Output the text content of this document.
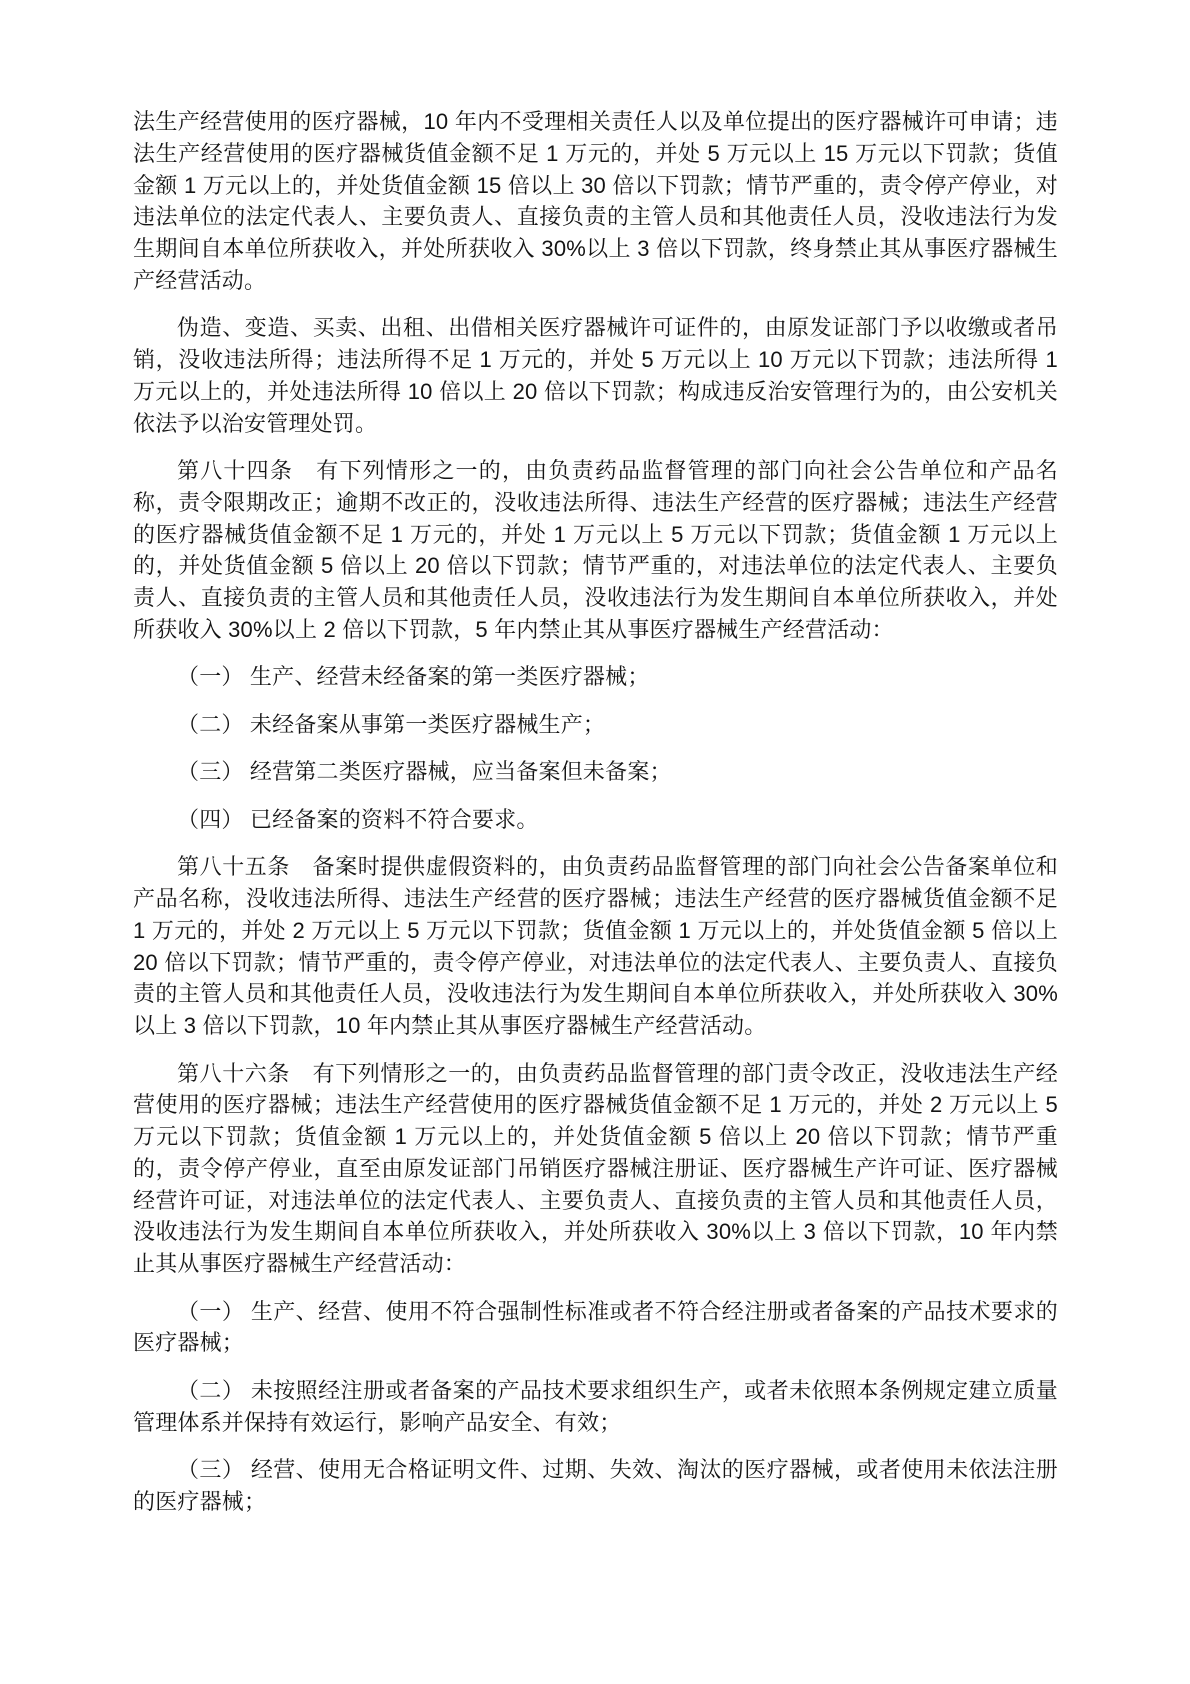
法生产经营使用的医疗器械，10 年内不受理相关责任人以及单位提出的医疗器械许可申请；违法生产经营使用的医疗器械货值金额不足 1 万元的，并处 5 万元以上 15 万元以下罚款；货值金额 1 万元以上的，并处货值金额 15 倍以上 30 倍以下罚款；情节严重的，责令停产停业，对违法单位的法定代表人、主要负责人、直接负责的主管人员和其他责任人员，没收违法行为发生期间自本单位所获收入，并处所获收入 30%以上 3 倍以下罚款，终身禁止其从事医疗器械生产经营活动。

伪造、变造、买卖、出租、出借相关医疗器械许可证件的，由原发证部门予以收缴或者吊销，没收违法所得；违法所得不足 1 万元的，并处 5 万元以上 10 万元以下罚款；违法所得 1 万元以上的，并处违法所得 10 倍以上 20 倍以下罚款；构成违反治安管理行为的，由公安机关依法予以治安管理处罚。

第八十四条　有下列情形之一的，由负责药品监督管理的部门向社会公告单位和产品名称，责令限期改正；逾期不改正的，没收违法所得、违法生产经营的医疗器械；违法生产经营的医疗器械货值金额不足 1 万元的，并处 1 万元以上 5 万元以下罚款；货值金额 1 万元以上的，并处货值金额 5 倍以上 20 倍以下罚款；情节严重的，对违法单位的法定代表人、主要负责人、直接负责的主管人员和其他责任人员，没收违法行为发生期间自本单位所获收入，并处所获收入 30%以上 2 倍以下罚款，5 年内禁止其从事医疗器械生产经营活动：

（一） 生产、经营未经备案的第一类医疗器械；

（二） 未经备案从事第一类医疗器械生产；

（三） 经营第二类医疗器械，应当备案但未备案；

（四） 已经备案的资料不符合要求。

第八十五条　备案时提供虚假资料的，由负责药品监督管理的部门向社会公告备案单位和产品名称，没收违法所得、违法生产经营的医疗器械；违法生产经营的医疗器械货值金额不足 1 万元的，并处 2 万元以上 5 万元以下罚款；货值金额 1 万元以上的，并处货值金额 5 倍以上 20 倍以下罚款；情节严重的，责令停产停业，对违法单位的法定代表人、主要负责人、直接负责的主管人员和其他责任人员，没收违法行为发生期间自本单位所获收入，并处所获收入 30%以上 3 倍以下罚款，10 年内禁止其从事医疗器械生产经营活动。

第八十六条　有下列情形之一的，由负责药品监督管理的部门责令改正，没收违法生产经营使用的医疗器械；违法生产经营使用的医疗器械货值金额不足 1 万元的，并处 2 万元以上 5 万元以下罚款；货值金额 1 万元以上的，并处货值金额 5 倍以上 20 倍以下罚款；情节严重的，责令停产停业，直至由原发证部门吊销医疗器械注册证、医疗器械生产许可证、医疗器械经营许可证，对违法单位的法定代表人、主要负责人、直接负责的主管人员和其他责任人员，没收违法行为发生期间自本单位所获收入，并处所获收入 30%以上 3 倍以下罚款，10 年内禁止其从事医疗器械生产经营活动：

（一） 生产、经营、使用不符合强制性标准或者不符合经注册或者备案的产品技术要求的医疗器械；

（二） 未按照经注册或者备案的产品技术要求组织生产，或者未依照本条例规定建立质量管理体系并保持有效运行，影响产品安全、有效；

（三） 经营、使用无合格证明文件、过期、失效、淘汰的医疗器械，或者使用未依法注册的医疗器械；
